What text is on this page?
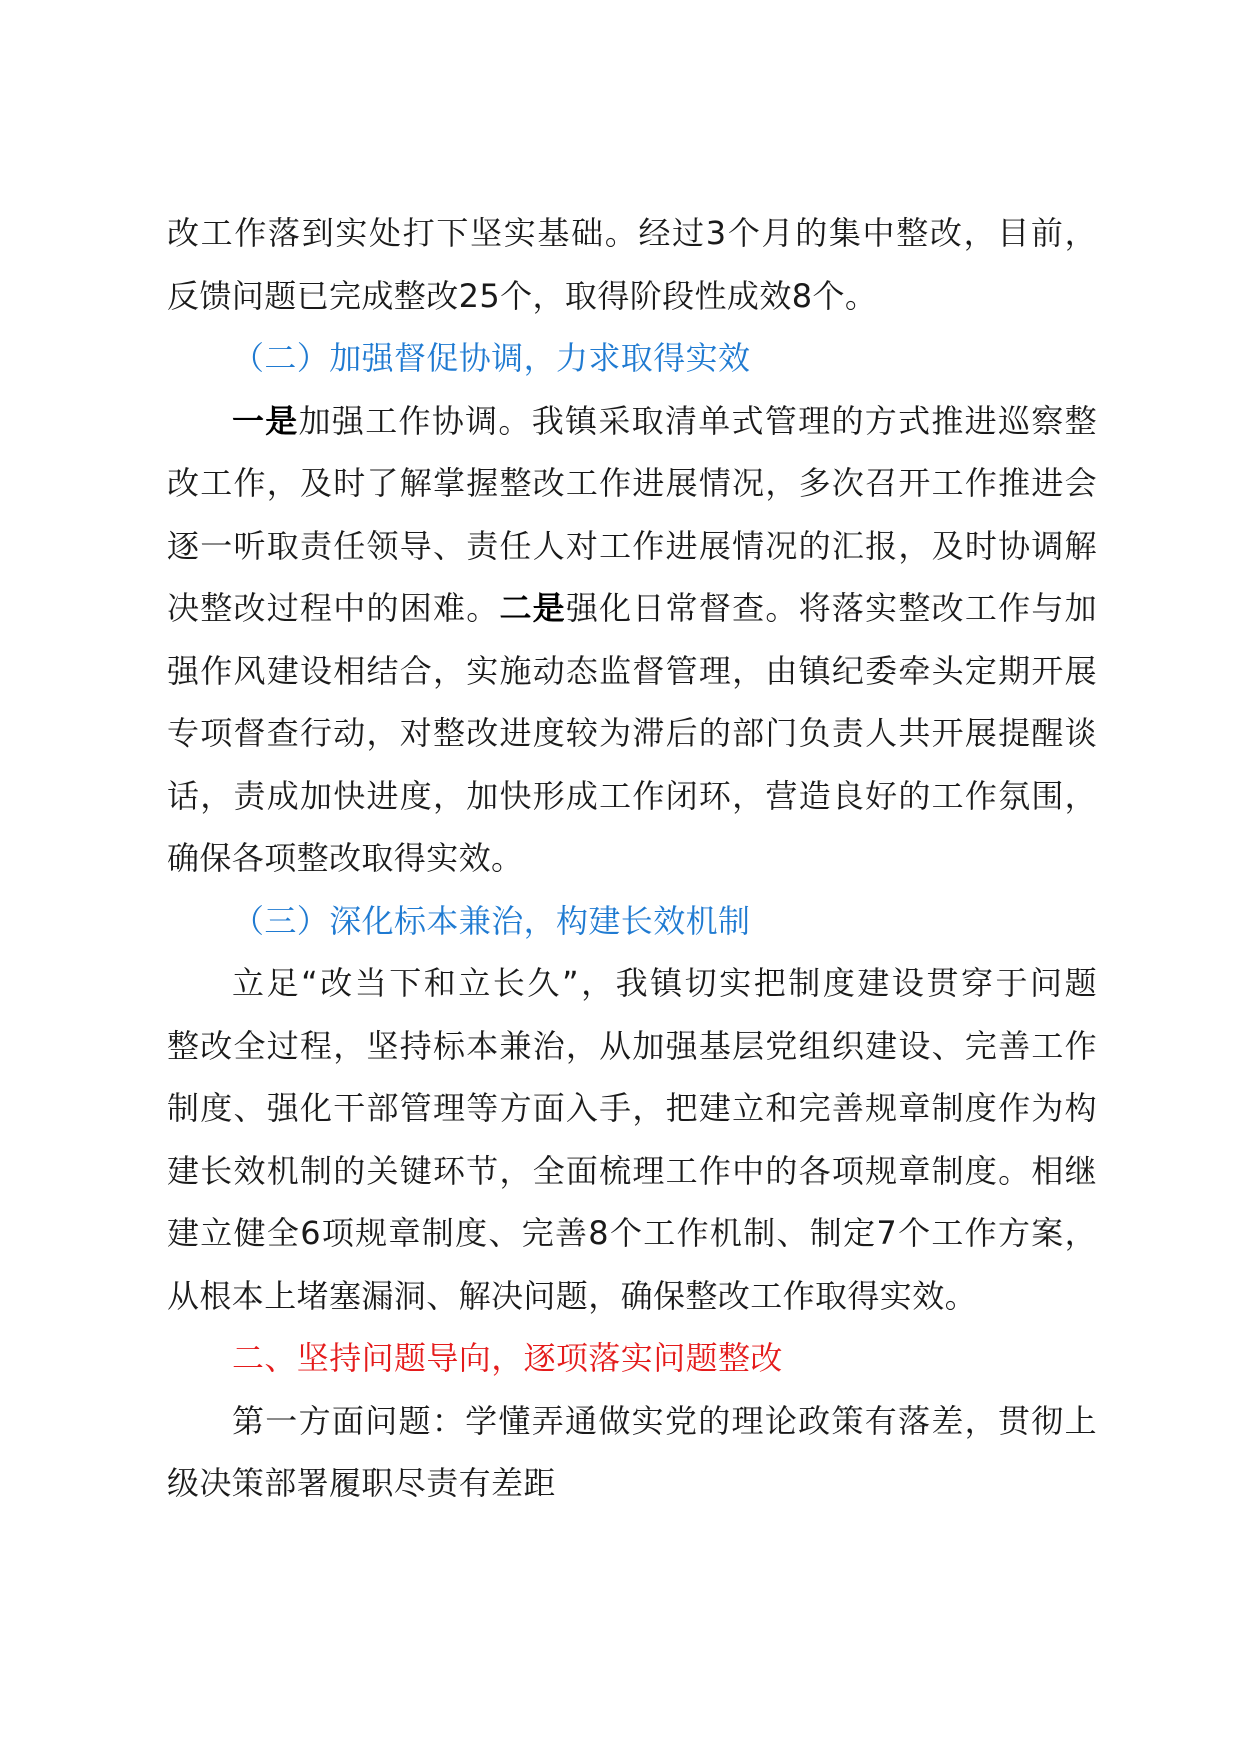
改工作落到实处打下坚实基础。经过3个月的集中整改，目前，
反馈问题已完成整改25个，取得阶段性成效8个。
（二）加强督促协调，力求取得实效
一是加强工作协调。我镇采取清单式管理的方式推进巡察整
改工作，及时了解掌握整改工作进展情况，多次召开工作推进会
逐一听取责任领导、责任人对工作进展情况的汇报，及时协调解
决整改过程中的困难。二是强化日常督查。将落实整改工作与加
强作风建设相结合，实施动态监督管理，由镇纪委牵头定期开展
专项督查行动，对整改进度较为滞后的部门负责人共开展提醒谈
话，责成加快进度，加快形成工作闭环，营造良好的工作氛围，
确保各项整改取得实效。
（三）深化标本兼治，构建长效机制
立足“改当下和立长久”，我镇切实把制度建设贯穿于问题
整改全过程，坚持标本兼治，从加强基层党组织建设、完善工作
制度、强化干部管理等方面入手，把建立和完善规章制度作为构
建长效机制的关键环节，全面梳理工作中的各项规章制度。相继
建立健全6项规章制度、完善8个工作机制、制定7个工作方案，
从根本上堵塞漏洞、解决问题，确保整改工作取得实效。
二、坚持问题导向，逐项落实问题整改
第一方面问题：学懂弄通做实党的理论政策有落差，贯彻上
级决策部署履职尽责有差距
